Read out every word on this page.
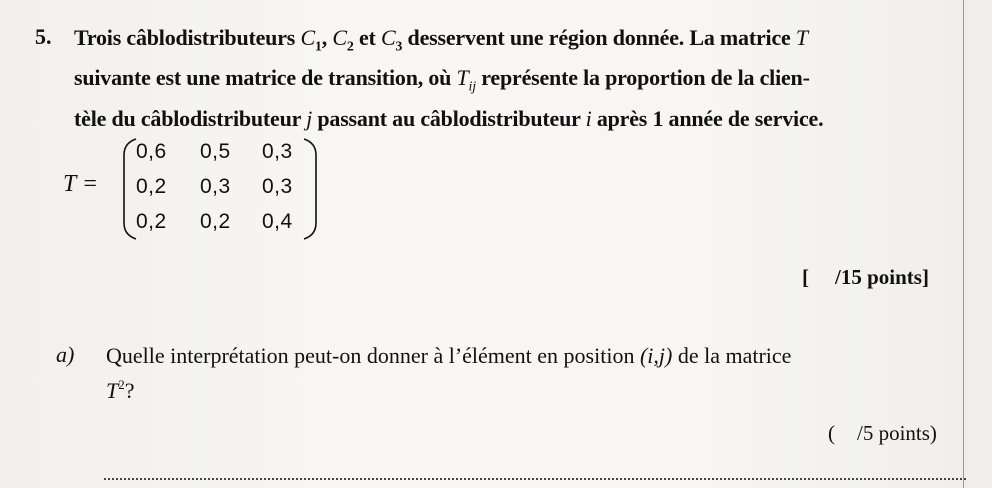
5. Trois câblodistributeurs $C_1$, $C_2$ et $C_3$ desservent une région donnée. La matrice T
suivante est une matrice de transition, où $T_{ij}$ représente la proportion de la clien-
tèle du câblodistributeur j passant au câblodistributeur i après 1 année de service.
T =
0,6 0,5 0,3
0,2 0,3 0,3
0,2 0,2 0,4
[ /15 points]
a) Quelle interprétation peut-on donner à l’élément en position (i,j) de la matrice
$T^2$?
( /5 points)
